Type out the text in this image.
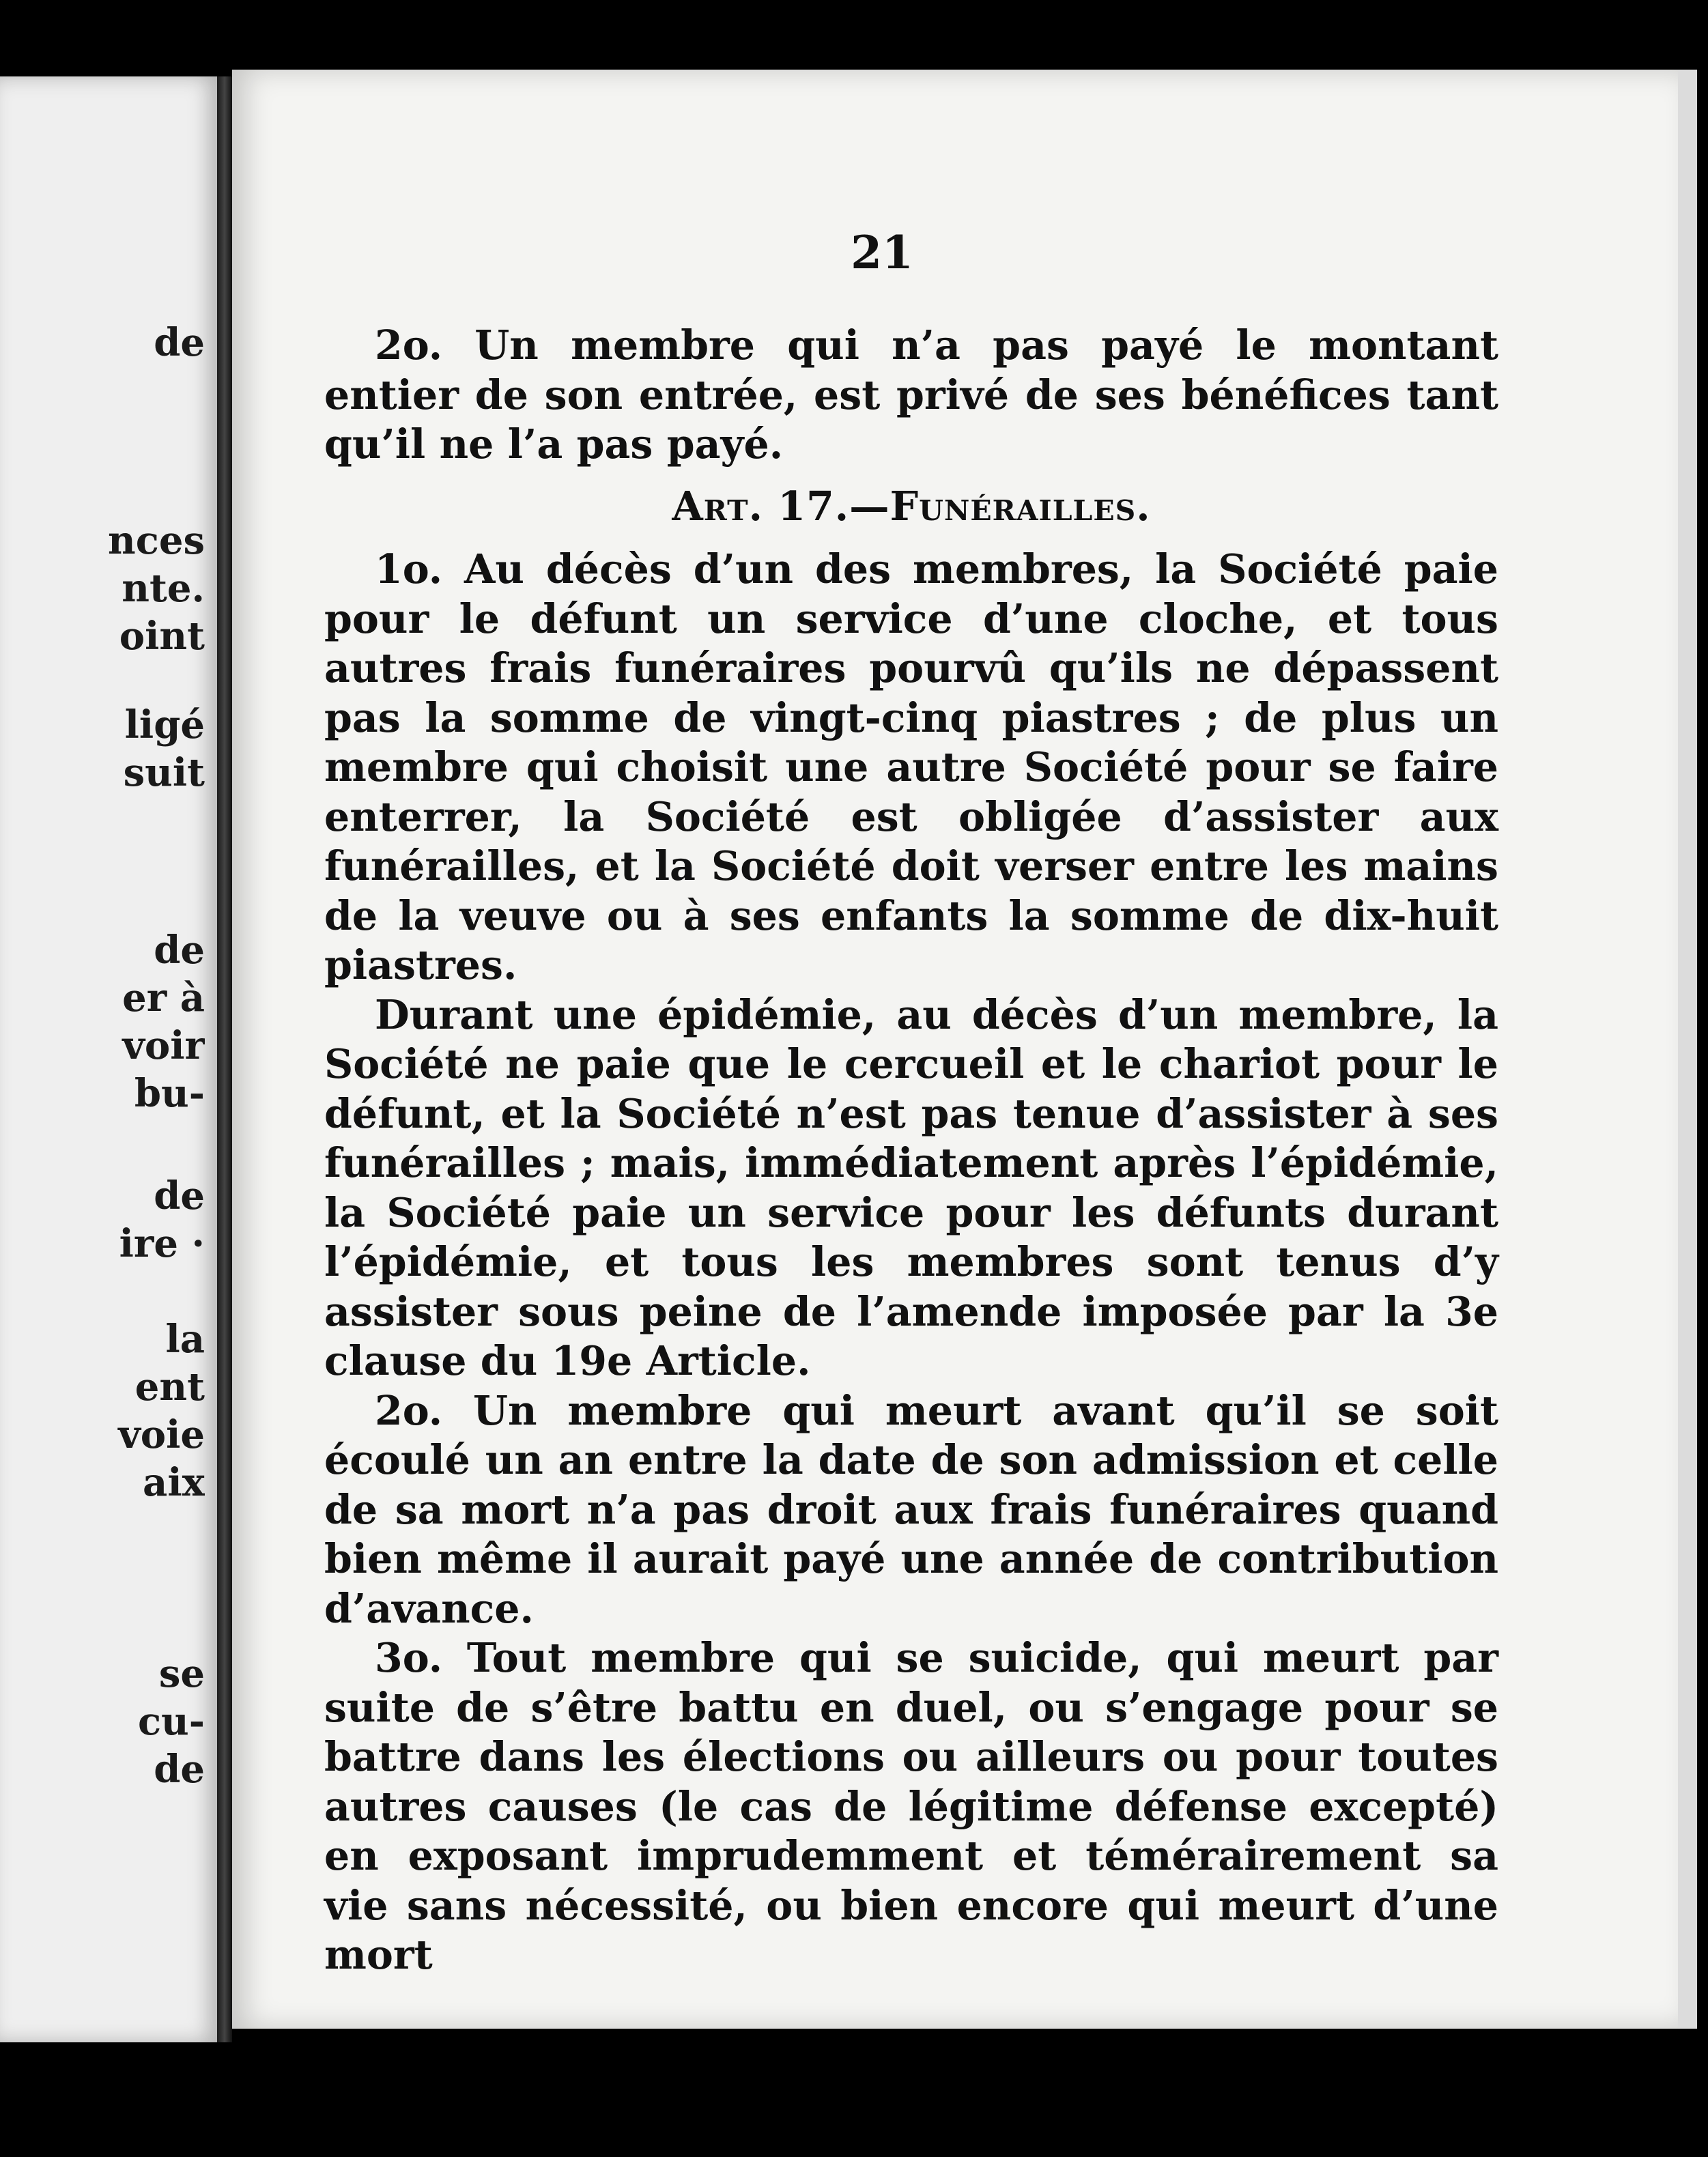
de
nces
nte.
oint
ligé
suit
de
er à
voir
bu-
de
ire ·
la
ent
voie
aix
se
cu-
de
21

2o. Un membre qui n’a pas payé le montant entier de son entrée, est privé de ses bénéfices tant qu’il ne l’a pas payé.

Art. 17.—Funérailles.

1o. Au décès d’un des membres, la Société paie pour le défunt un service d’une cloche, et tous autres frais funéraires pourvû qu’ils ne dépassent pas la somme de vingt-cinq piastres ; de plus un membre qui choisit une autre Société pour se faire enterrer, la Société est obligée d’assister aux funérailles, et la Société doit verser entre les mains de la veuve ou à ses enfants la somme de dix-huit piastres.

Durant une épidémie, au décès d’un membre, la Société ne paie que le cercueil et le chariot pour le défunt, et la Société n’est pas tenue d’assister à ses funérailles ; mais, immédiatement après l’épidémie, la Société paie un service pour les défunts durant l’épidémie, et tous les membres sont tenus d’y assister sous peine de l’amende imposée par la 3e clause du 19e Article.

2o. Un membre qui meurt avant qu’il se soit écoulé un an entre la date de son admission et celle de sa mort n’a pas droit aux frais funéraires quand bien même il aurait payé une année de contribution d’avance.

3o. Tout membre qui se suicide, qui meurt par suite de s’être battu en duel, ou s’engage pour se battre dans les élections ou ailleurs ou pour toutes autres causes (le cas de légitime défense excepté) en exposant imprudemment et témérairement sa vie sans nécessité, ou bien encore qui meurt d’une mort
